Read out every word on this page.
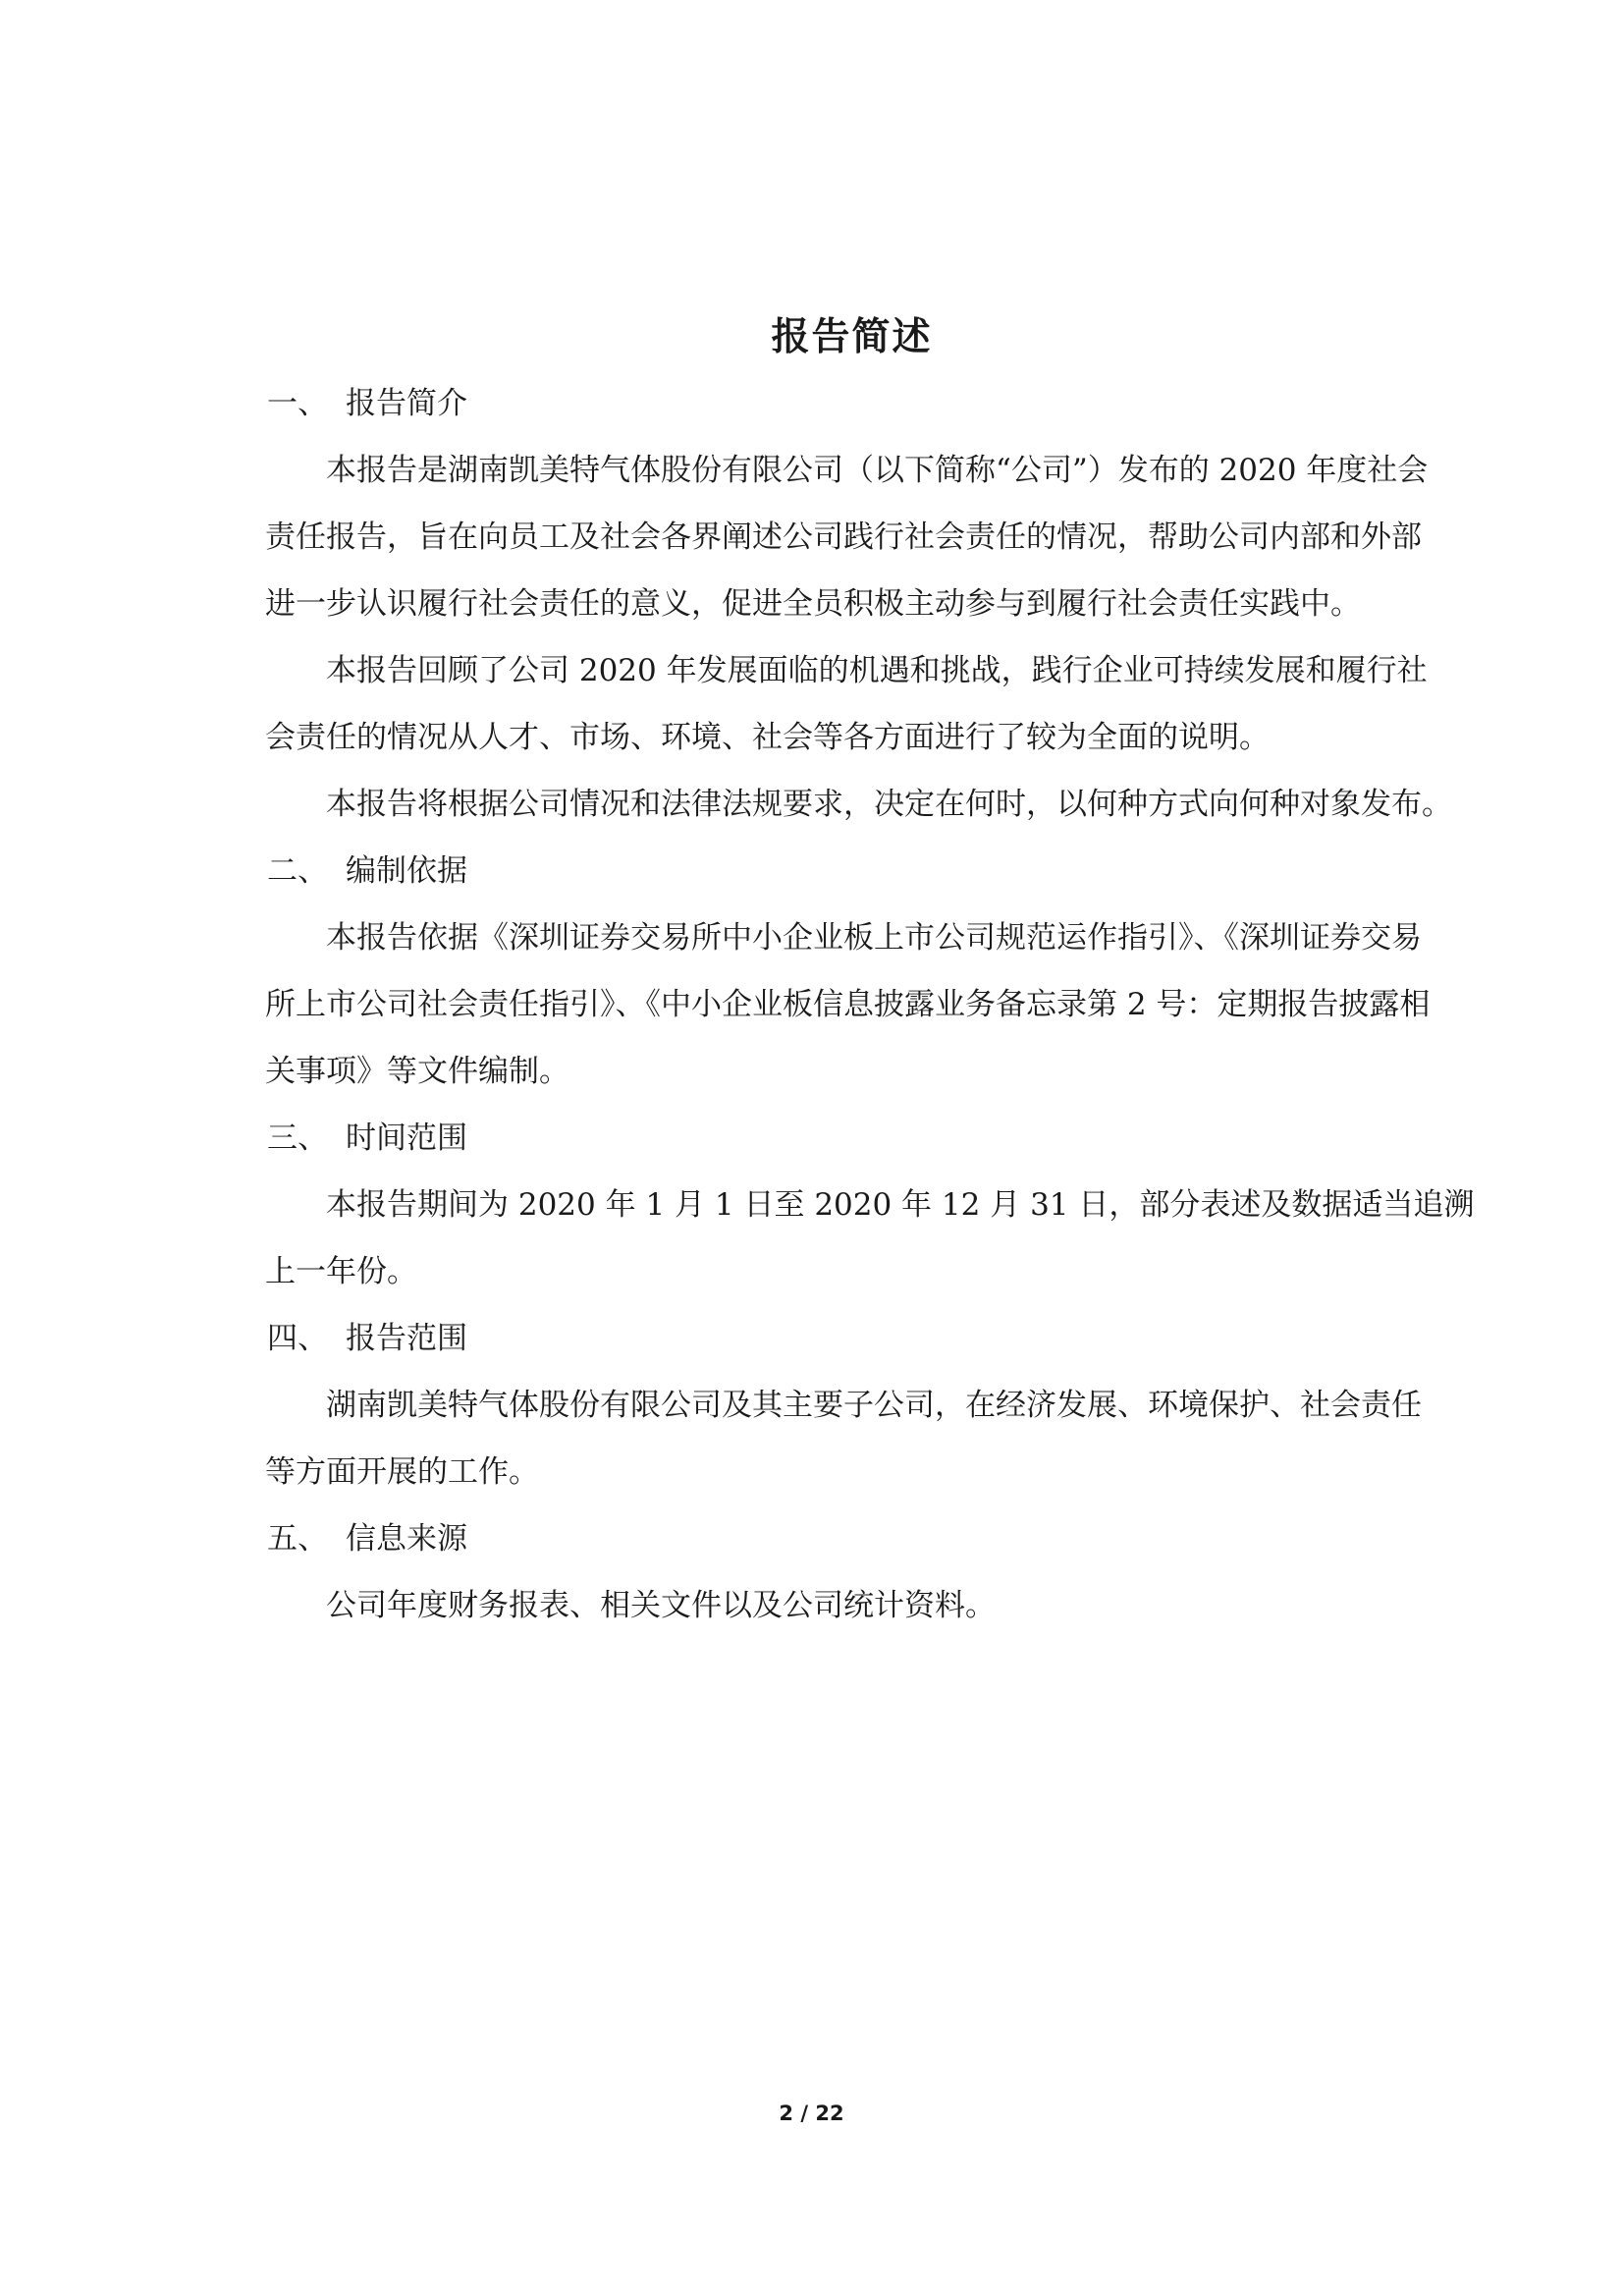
报告简述
一、 报告简介
本报告是湖南凯美特气体股份有限公司（以下简称“公司”）发布的 2020 年度社会
责任报告，旨在向员工及社会各界阐述公司践行社会责任的情况，帮助公司内部和外部
进一步认识履行社会责任的意义，促进全员积极主动参与到履行社会责任实践中。
本报告回顾了公司 2020 年发展面临的机遇和挑战，践行企业可持续发展和履行社
会责任的情况从人才、市场、环境、社会等各方面进行了较为全面的说明。
本报告将根据公司情况和法律法规要求，决定在何时，以何种方式向何种对象发布。
二、 编制依据
本报告依据《深圳证券交易所中小企业板上市公司规范运作指引》、《深圳证券交易
所上市公司社会责任指引》、《中小企业板信息披露业务备忘录第 2 号：定期报告披露相
关事项》等文件编制。
三、 时间范围
本报告期间为 2020 年 1 月 1 日至 2020 年 12 月 31 日，部分表述及数据适当追溯
上一年份。
四、 报告范围
湖南凯美特气体股份有限公司及其主要子公司，在经济发展、环境保护、社会责任
等方面开展的工作。
五、 信息来源
公司年度财务报表、相关文件以及公司统计资料。
2 / 22
